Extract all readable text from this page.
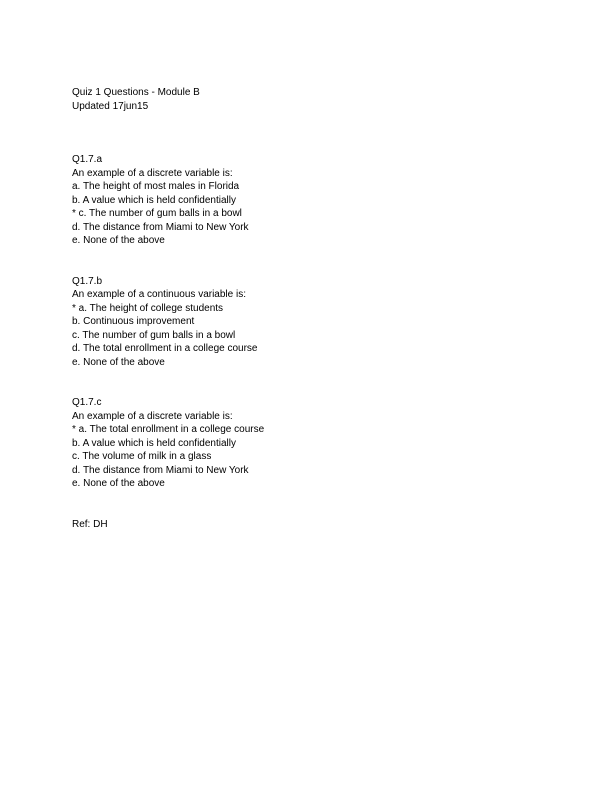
Quiz 1 Questions - Module B
Updated 17jun15
Q1.7.a
An example of a discrete variable is:
a. The height of most males in Florida
b. A value which is held confidentially
* c. The number of gum balls in a bowl
d. The distance from Miami to New York
e. None of the above
Q1.7.b
An example of a continuous variable is:
* a. The height of college students
b. Continuous improvement
c. The number of gum balls in a bowl
d. The total enrollment in a college course
e. None of the above
Q1.7.c
An example of a discrete variable is:
* a. The total enrollment in a college course
b. A value which is held confidentially
c. The volume of milk in a glass
d. The distance from Miami to New York
e. None of the above
Ref: DH
